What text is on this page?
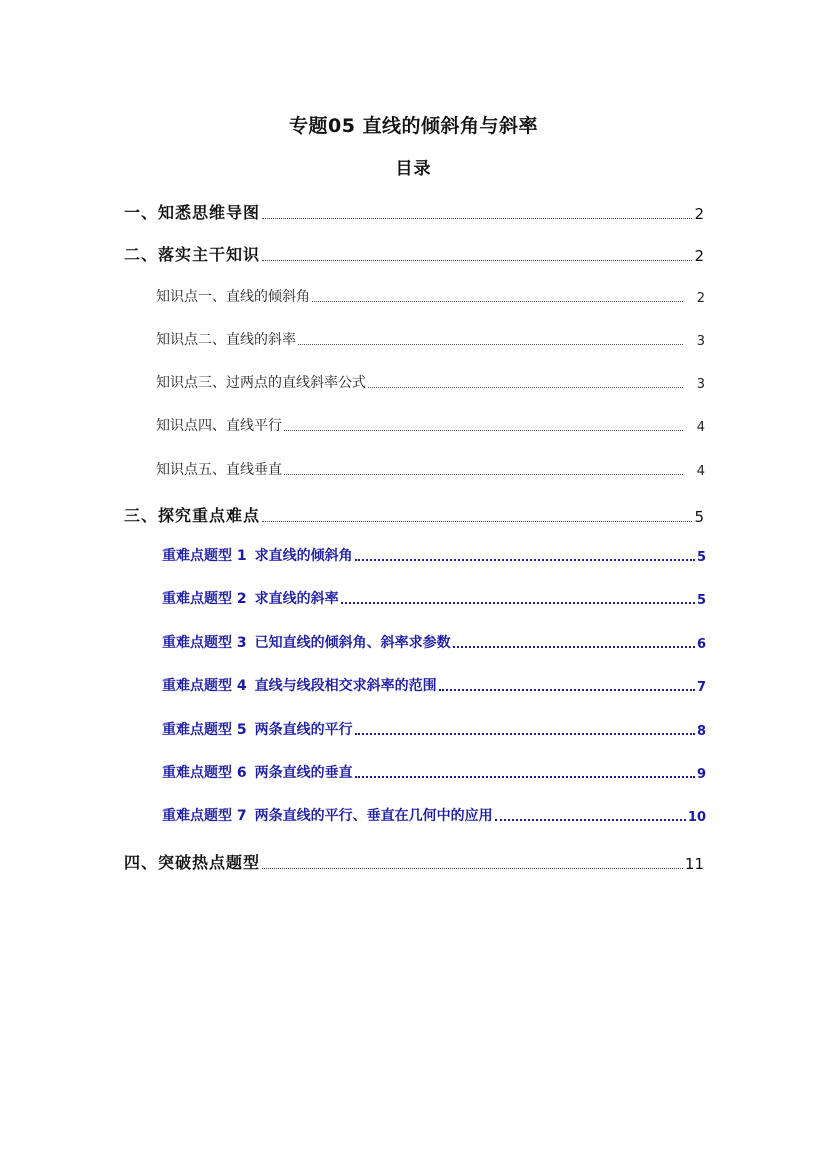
专题05 直线的倾斜角与斜率
目录
一、知悉思维导图	2
二、落实主干知识	2
知识点一、直线的倾斜角	2
知识点二、直线的斜率	3
知识点三、过两点的直线斜率公式	3
知识点四、直线平行	4
知识点五、直线垂直	4
三、探究重点难点	5
重难点题型 1 求直线的倾斜角	5
重难点题型 2 求直线的斜率	5
重难点题型 3 已知直线的倾斜角、斜率求参数	6
重难点题型 4 直线与线段相交求斜率的范围	7
重难点题型 5 两条直线的平行	8
重难点题型 6 两条直线的垂直	9
重难点题型 7 两条直线的平行、垂直在几何中的应用	10
四、突破热点题型	11
